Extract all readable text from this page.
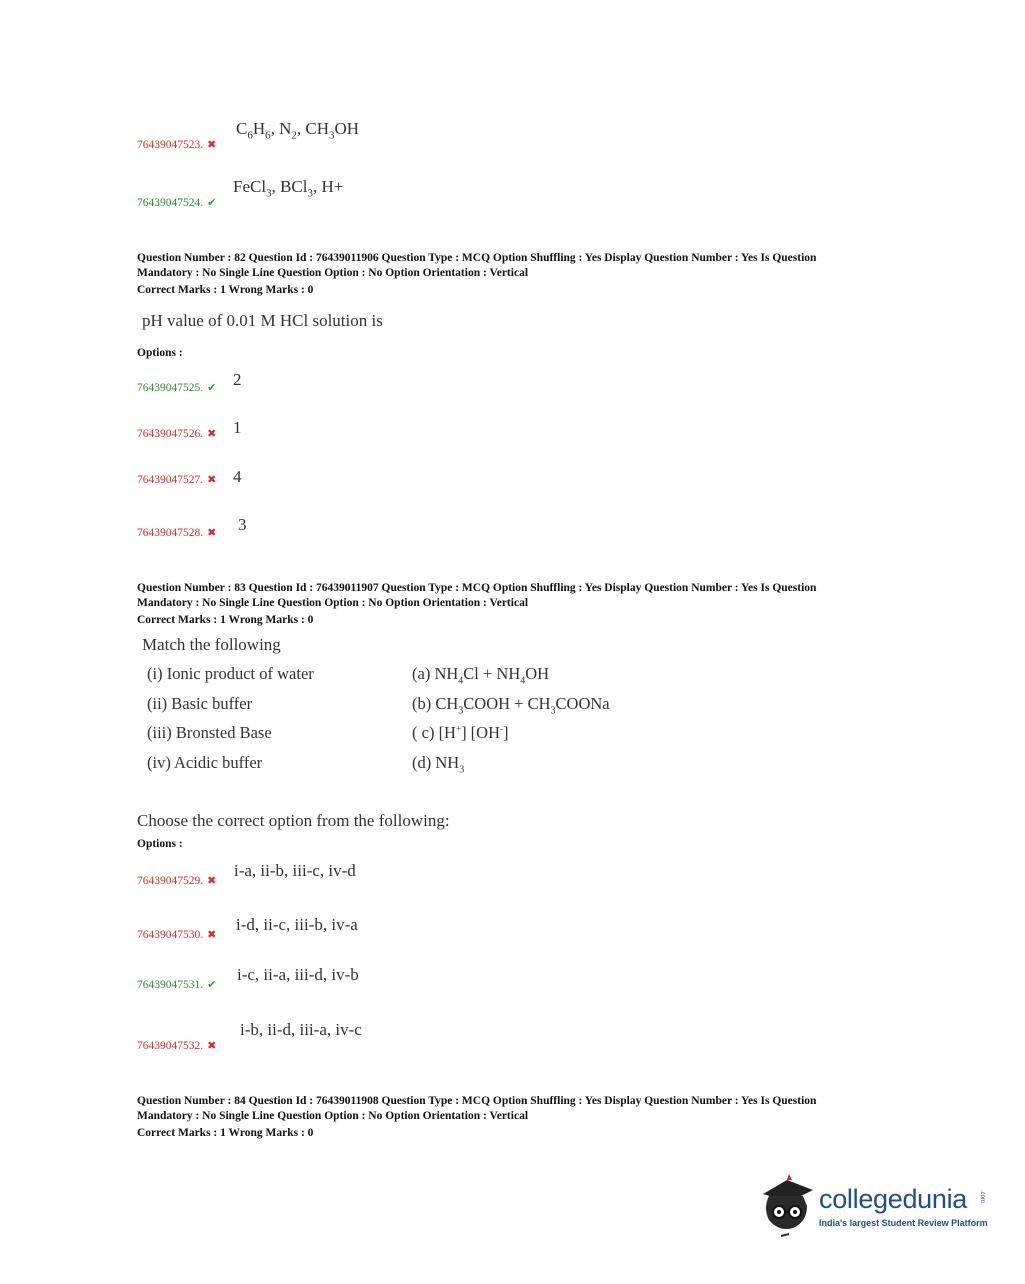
$C_6H_6$, $N_2$, $CH_3OH$
76439047523. ✖
FeCl$_3$, BCl$_3$, H+
76439047524. ✔
Question Number : 82 Question Id : 76439011906 Question Type : MCQ Option Shuffling : Yes Display Question Number : Yes Is Question
Mandatory : No Single Line Question Option : No Option Orientation : Vertical
Correct Marks : 1 Wrong Marks : 0
pH value of 0.01 M HCl solution is
Options :
76439047525. ✔ 2
76439047526. ✖ 1
76439047527. ✖ 4
76439047528. ✖ 3
Question Number : 83 Question Id : 76439011907 Question Type : MCQ Option Shuffling : Yes Display Question Number : Yes Is Question
Mandatory : No Single Line Question Option : No Option Orientation : Vertical
Correct Marks : 1 Wrong Marks : 0
Match the following
(i) Ionic product of water
(ii) Basic buffer
(iii) Bronsted Base
(iv) Acidic buffer
(a) $NH_4Cl + NH_4OH$
(b) $CH_3COOH$ + $CH_3COONa$
( c) [H+] [OH-]
(d) $NH_3$
Choose the correct option from the following:
Options :
i-a, ii-b, iii-c, iv-d
76439047529. ✖
i-d, ii-c, iii-b, iv-a
76439047530. ✖
i-c, ii-a, iii-d, iv-b
76439047531. ✔
i-b, ii-d, iii-a, iv-c
76439047532. ✖
Question Number : 84 Question Id : 76439011908 Question Type : MCQ Option Shuffling : Yes Display Question Number : Yes Is Question
Mandatory : No Single Line Question Option : No Option Orientation : Vertical
Correct Marks : 1 Wrong Marks : 0
collegedunia .com
India's largest Student Review Platform
